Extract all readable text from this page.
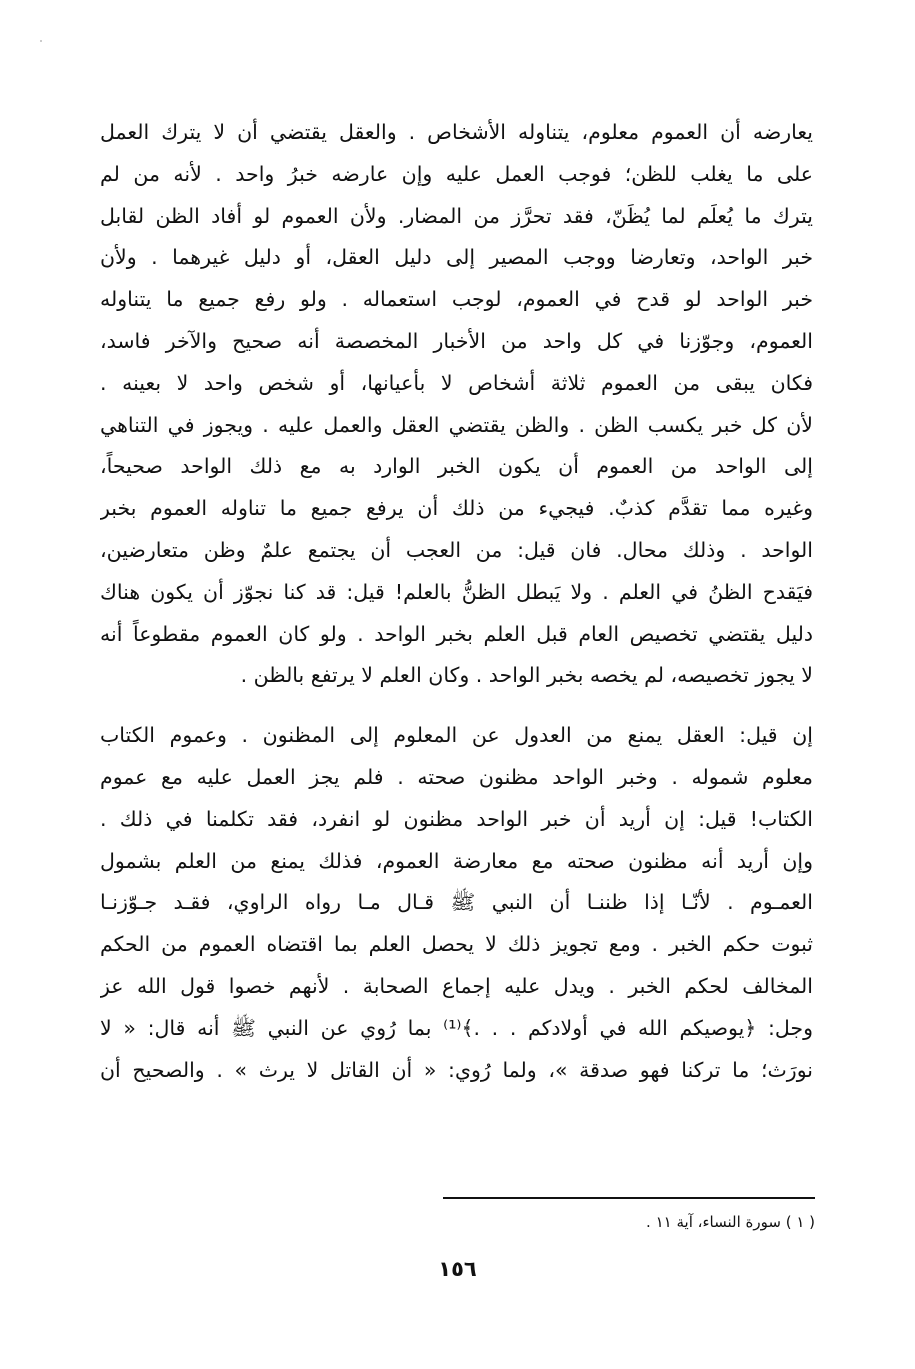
يعارضه أن العموم معلوم، يتناوله الأشخاص . والعقل يقتضي أن لا يترك العمل
على ما يغلب للظن؛ فوجب العمل عليه وإن عارضه خبرُ واحد . لأنه من لم
يترك ما يُعلَم لما يُظَنّ، فقد تحرَّز من المضار. ولأن العموم لو أفاد الظن لقابل
خبر الواحد، وتعارضا ووجب المصير إلى دليل العقل، أو دليل غيرهما . ولأن
خبر الواحد لو قدح في العموم، لوجب استعماله . ولو رفع جميع ما يتناوله
العموم، وجوّزنا في كل واحد من الأخبار المخصصة أنه صحيح والآخر فاسد،
فكان يبقى من العموم ثلاثة أشخاص لا بأعيانها، أو شخص واحد لا بعينه .
لأن كل خبر يكسب الظن . والظن يقتضي العقل والعمل عليه . ويجوز في التناهي
إلى الواحد من العموم أن يكون الخبر الوارد به مع ذلك الواحد صحيحاً،
وغيره مما تقدَّم كذبٌ. فيجيء من ذلك أن يرفع جميع ما تناوله العموم بخبر
الواحد . وذلك محال. فان قيل: من العجب أن يجتمع علمٌ وظن متعارضين،
فيَقدح الظنُ في العلم . ولا يَبطل الظنُّ بالعلم! قيل: قد كنا نجوّز أن يكون هناك
دليل يقتضي تخصيص العام قبل العلم بخبر الواحد . ولو كان العموم مقطوعاً أنه
لا يجوز تخصيصه، لم يخصه بخبر الواحد . وكان العلم لا يرتفع بالظن .
إن قيل: العقل يمنع من العدول عن المعلوم إلى المظنون . وعموم الكتاب
معلوم شموله . وخبر الواحد مظنون صحته . فلم يجز العمل عليه مع عموم
الكتاب! قيل: إن أريد أن خبر الواحد مظنون لو انفرد، فقد تكلمنا في ذلك .
وإن أريد أنه مظنون صحته مع معارضة العموم، فذلك يمنع من العلم بشمول
العمـوم . لأنّـا إذا ظننـا أن النبي ﷺ قـال مـا رواه الراوي، فقـد جـوّزنـا
ثبوت حكم الخبر . ومع تجويز ذلك لا يحصل العلم بما اقتضاه العموم من الحكم
المخالف لحكم الخبر . ويدل عليه إجماع الصحابة . لأنهم خصوا قول الله عز
وجل: ﴿يوصيكم الله في أولادكم . . .﴾⁽¹⁾ بما رُوي عن النبي ﷺ أنه قال: « لا
نورَث؛ ما تركنا فهو صدقة »، ولما رُوي: « أن القاتل لا يرث » . والصحيح أن
( ١ ) سورة النساء، آية ١١ .
١٥٦
